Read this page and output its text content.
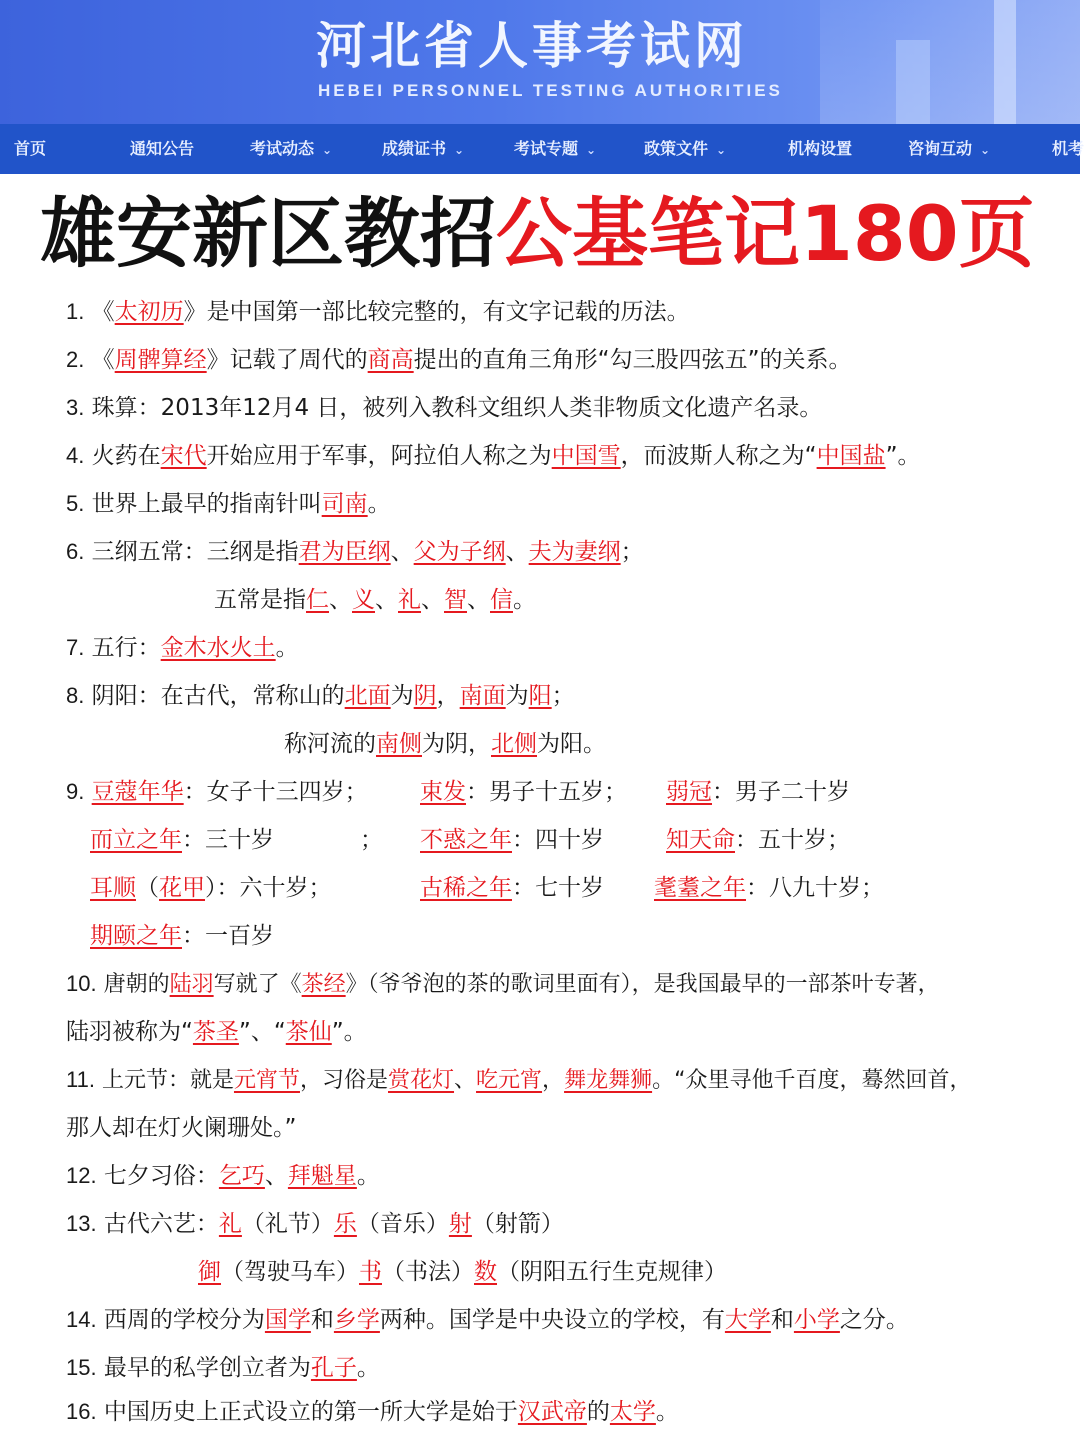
河北省人事考试网
HEBEI PERSONNEL TESTING AUTHORITIES
首页	通知公告	考试动态 ⌄	成绩证书 ⌄	考试专题 ⌄	政策文件 ⌄	机构设置	咨询互动 ⌄	机考
雄安新区教招公基笔记180页
1. 《太初历》是中国第一部比较完整的，有文字记载的历法。
2. 《周髀算经》记载了周代的商高提出的直角三角形“勾三股四弦五”的关系。
3. 珠算：2013年12月4 日，被列入教科文组织人类非物质文化遗产名录。
4. 火药在宋代开始应用于军事，阿拉伯人称之为中国雪，而波斯人称之为“中国盐”。
5. 世界上最早的指南针叫司南。
6. 三纲五常：三纲是指君为臣纲、父为子纲、夫为妻纲；
五常是指仁、义、礼、智、信。
7. 五行：金木水火土。
8. 阴阳：在古代，常称山的北面为阴，南面为阳；
称河流的南侧为阴，北侧为阳。
9. 豆蔻年华：女子十三四岁； 束发：男子十五岁； 弱冠：男子二十岁
而立之年：三十岁	； 不惑之年：四十岁	知天命：五十岁；
耳顺（花甲）：六十岁；	古稀之年：七十岁 耄耋之年：八九十岁；
期颐之年：一百岁
10. 唐朝的陆羽写就了《茶经》（爷爷泡的茶的歌词里面有），是我国最早的一部茶叶专著，
陆羽被称为“茶圣”、“茶仙”。
11. 上元节：就是元宵节，习俗是赏花灯、吃元宵，舞龙舞狮。“众里寻他千百度，蓦然回首，
那人却在灯火阑珊处。”
12. 七夕习俗：乞巧、拜魁星。
13. 古代六艺：礼（礼节）乐（音乐）射（射箭）
御（驾驶马车）书（书法）数（阴阳五行生克规律）
14. 西周的学校分为国学和乡学两种。国学是中央设立的学校，有大学和小学之分。
15. 最早的私学创立者为孔子。
16. 中国历史上正式设立的第一所大学是始于汉武帝的太学。
